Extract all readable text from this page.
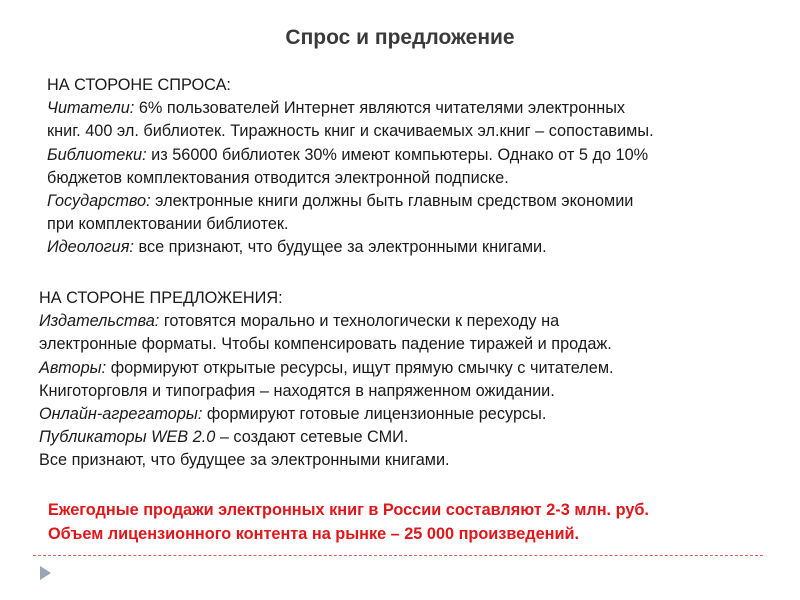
Спрос и предложение
НА СТОРОНЕ СПРОСА:
Читатели: 6% пользователей Интернет являются читателями электронных
книг. 400 эл. библиотек. Тиражность книг и скачиваемых эл.книг – сопоставимы.
Библиотеки: из 56000 библиотек 30% имеют компьютеры. Однако от 5 до 10%
бюджетов комплектования отводится электронной подписке.
Государство: электронные книги должны быть главным средством экономии
при комплектовании библиотек.
Идеология: все признают, что будущее за электронными книгами.
НА СТОРОНЕ ПРЕДЛОЖЕНИЯ:
Издательства: готовятся морально и технологически к переходу на
электронные форматы. Чтобы компенсировать падение тиражей и продаж.
Авторы: формируют открытые ресурсы, ищут прямую смычку с читателем.
Книготорговля и типография – находятся в напряженном ожидании.
Онлайн-агрегаторы: формируют готовые лицензионные ресурсы.
Публикаторы WEB 2.0 – создают сетевые СМИ.
Все признают, что будущее за электронными книгами.
Ежегодные продажи электронных книг в России составляют 2-3 млн. руб.
Объем лицензионного контента на рынке – 25 000 произведений.
